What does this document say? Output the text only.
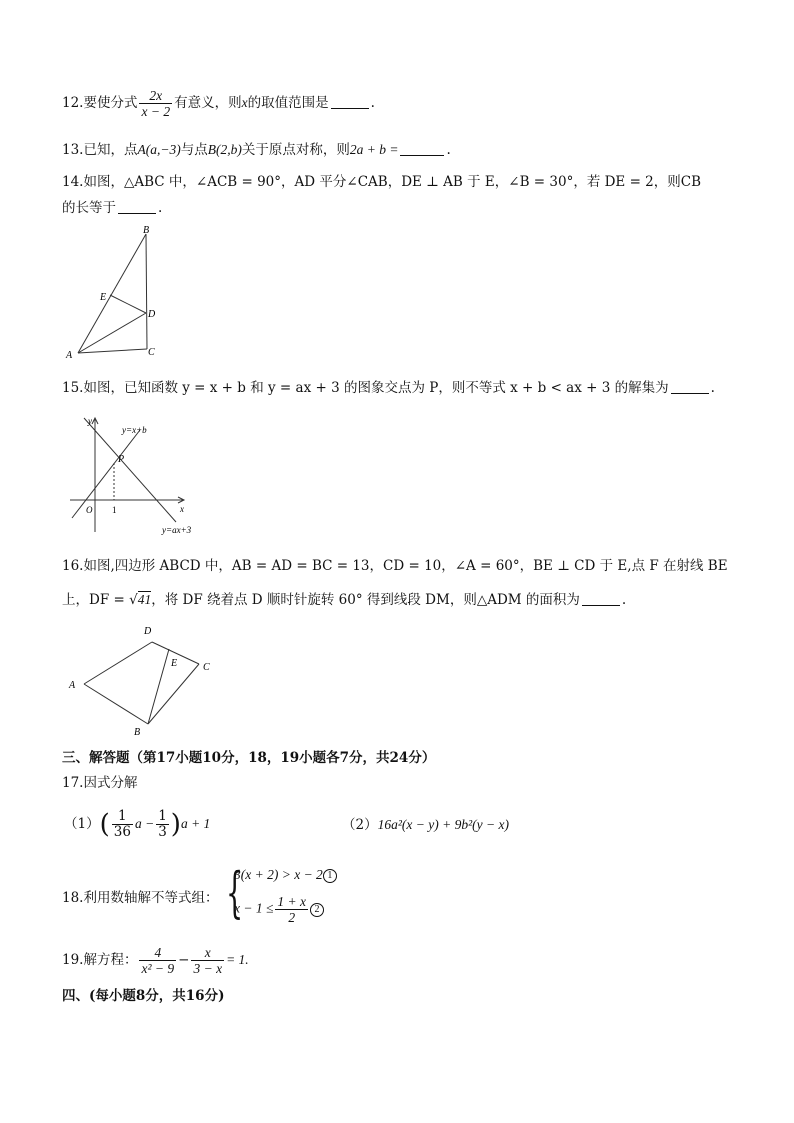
12.要使分式 $\frac{2x}{x - 2}$ 有意义，则x的取值范围是	.
13.已知，点A(a,−3)与点B(2,b)关于原点对称，则2a + b =	.
14.如图，△ABC 中，∠ACB = 90°，AD 平分∠CAB，DE ⊥ AB 于 E，∠B = 30°，若 DE = 2，则CB
的长等于	.
B
E
D
A	C
15.如图，已知函数 y = x + b 和 y = ax + 3 的图象交点为 P，则不等式 x + b < ax + 3 的解集为	.
y
y=x+b
P
x
O 1
y=ax+3
16.如图,四边形 ABCD 中，AB = AD = BC = 13，CD = 10，∠A = 60°，BE ⊥ CD 于 E,点 F 在射线 BE
上，DF = √41，将 DF 绕着点 D 顺时针旋转 60° 得到线段 DM，则△ADM 的面积为	.
D
E	C
A
B
三、解答题（第17小题10分，18，19小题各7分，共24分）
17.因式分解
$(1)( \frac{1}{36}$ $a - \frac{1}{3} )a + 1$	（2）16a²(x − y) + 9b²(y − x)
18.利用数轴解不等式组： {
3(x + 2) > x − 2 1
$x - 1 \le \frac{1 + x}{2} 2$
19.解方程： $\frac{4}{\text{x² − 9}} - \frac{x}{3 - x} = 1$.
四、(每小题8分，共16分)
